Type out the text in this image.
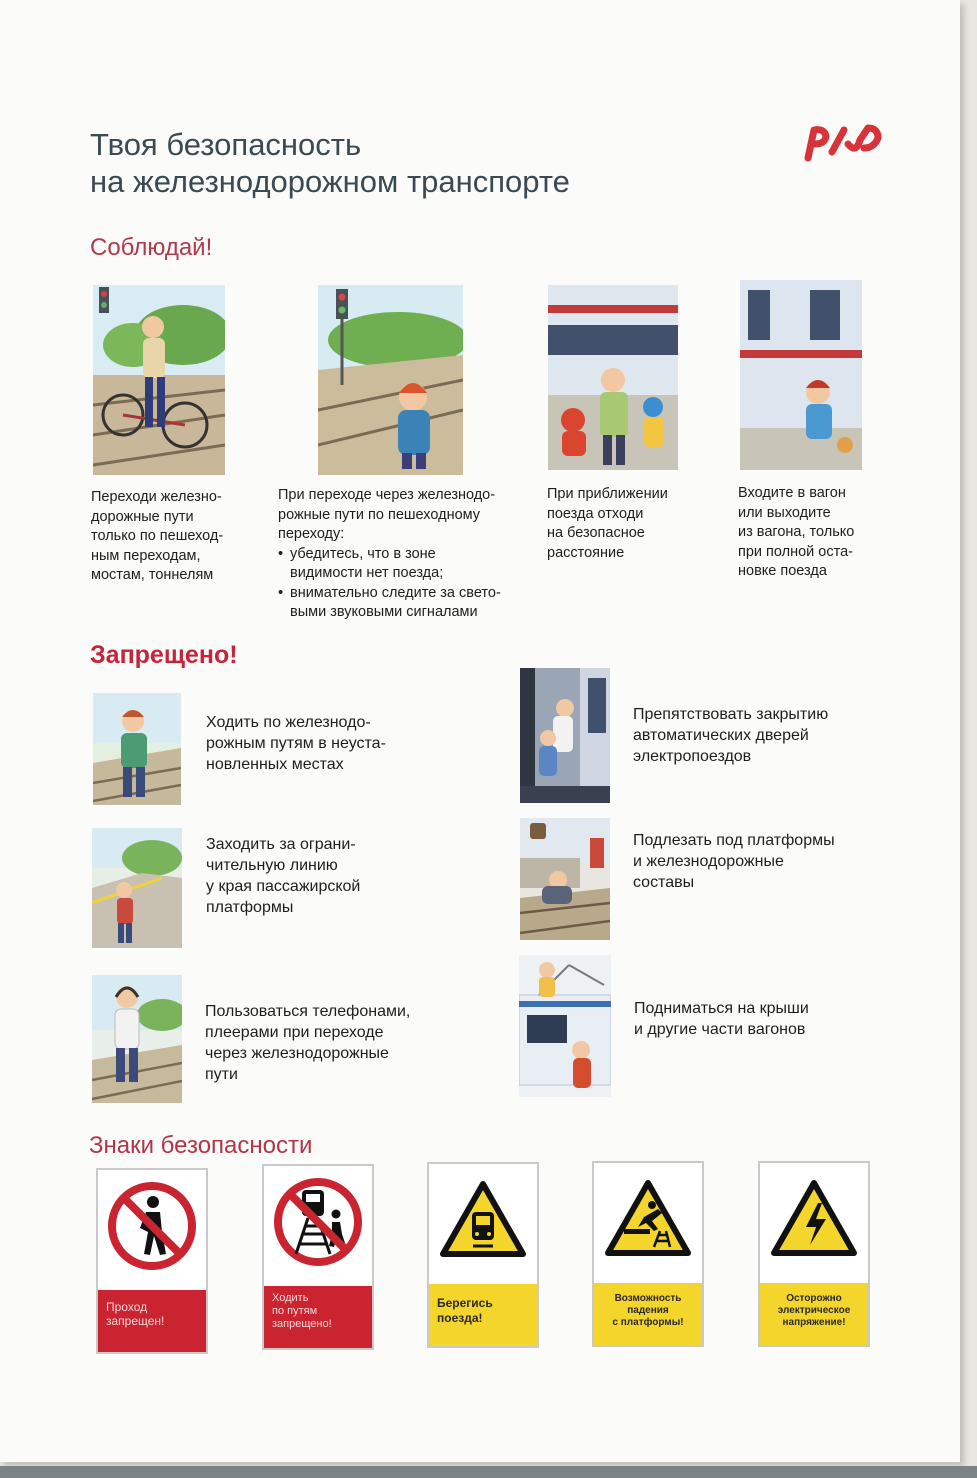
Твоя безопасность
на железнодорожном транспорте
Соблюдай!

Переходи железно-
дорожные пути
только по пешеход-
ным переходам,
мостам, тоннелям

При переходе через железнодо-
рожные пути по пешеходному
переходу:

• убедитесь, что в зоне
видимости нет поезда;
• внимательно следите за свето-
выми звуковыми сигналами

При приближении
поезда отходи
на безопасное
расстояние

Входите в вагон
или выходите
из вагона, только
при полной оста-
новке поезда

Запрещено!
Ходить по железнодо-
рожным путям в неуста-
новленных местах
Заходить за ограни-
чительную линию
у края пассажирской
платформы
Пользоваться телефонами,
плеерами при переходе
через железнодорожные
пути
Препятствовать закрытию
автоматических дверей
электропоездов
Подлезать под платформы
и железнодорожные
составы
Подниматься на крыши
и другие части вагонов
Знаки безопасности
Проход
запрещен!
Ходить
по путям
запрещено!
Берегись
поезда!
Возможность
падения
с платформы!
Осторожно
электрическое
напряжение!
